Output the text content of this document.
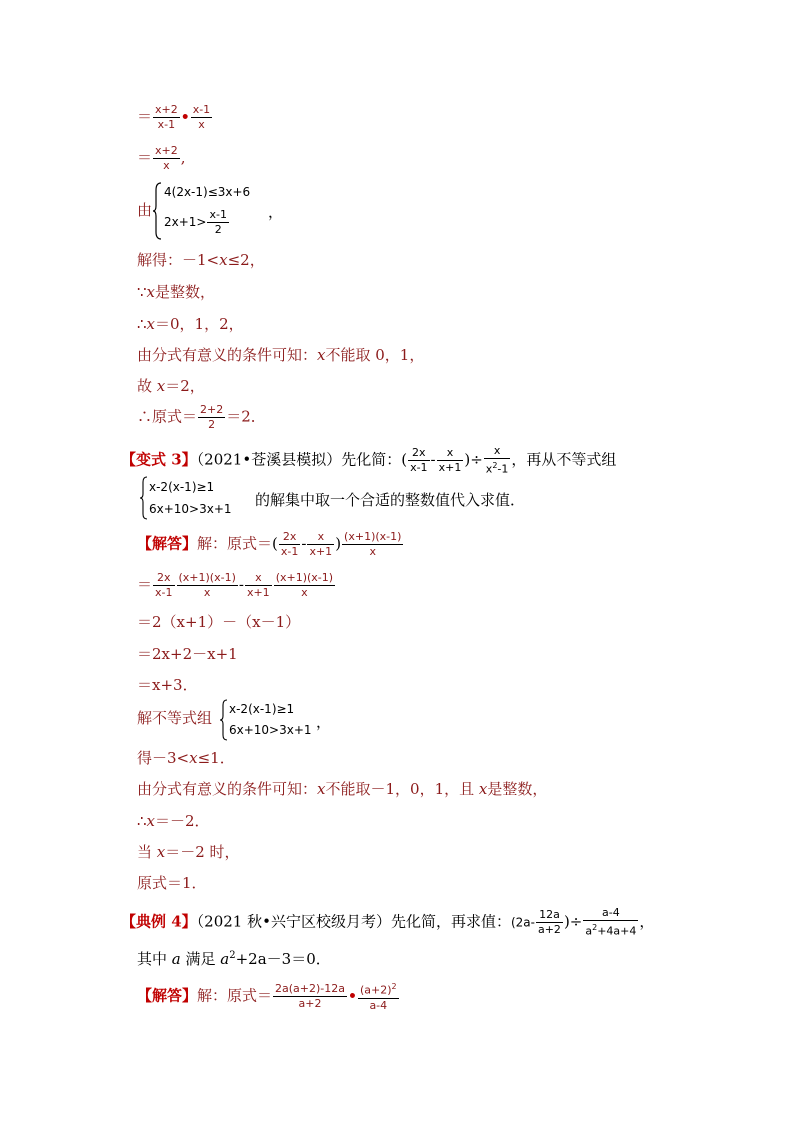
＝ $\frac{x+2}{x-1}$ • $\frac{x-1}{x}$
＝ $\frac{x+2}{x}$ ,
由
4(2x-1)≤3x+6
$2x+1> \frac{x-1}{2}$	，
解得：－1<x≤2，
∵x是整数，
∴x＝0，1，2，
由分式有意义的条件可知：x不能取 0，1，
故 x＝2，
∴原式＝ $\frac{2+2}{2} =2$．
【变式 3】（2021•苍溪县模拟）先化简：( $\frac{2x}{x-1} - \frac{x}{x+1}$ )÷ $\frac{x}{x^2-1}$ ，再从不等式组
x-2(x-1)≥1
6x+10>3x+1 的解集中取一个合适的整数值代入求值．
【解答】解：原式＝( $\frac{2x}{x-1} - \frac{x}{x+1}$ ) $\frac{(x+1)(x-1)}{x}$
＝ $\frac{2x}{x-1} \frac{(x+1)(x-1)}{x} - \frac{x}{x+1} \frac{(x+1)(x-1)}{x}$
＝2（x+1）－（x－1）
＝2x+2－x+1
＝x+3．
解不等式组 x-2(x-1)≥1
6x+10>3x+1 ，
得－3<x≤1．
由分式有意义的条件可知：x不能取－1，0，1，且 x是整数，
∴x＝－2．
当 x＝－2 时，
原式＝1．
【典例 4】（2021 秋•兴宁区校级月考）先化简，再求值：($2a- \frac{12a}{a+2}$ )÷ $\frac{a-4}{a^2+4a+4}$ ，
其中 a 满足 $a^2+2a-3=0$．
【解答】解：原式＝ $\frac{2a(a+2)-12a}{a+2}$ • $\frac{(a+2)^2}{a-4}$
